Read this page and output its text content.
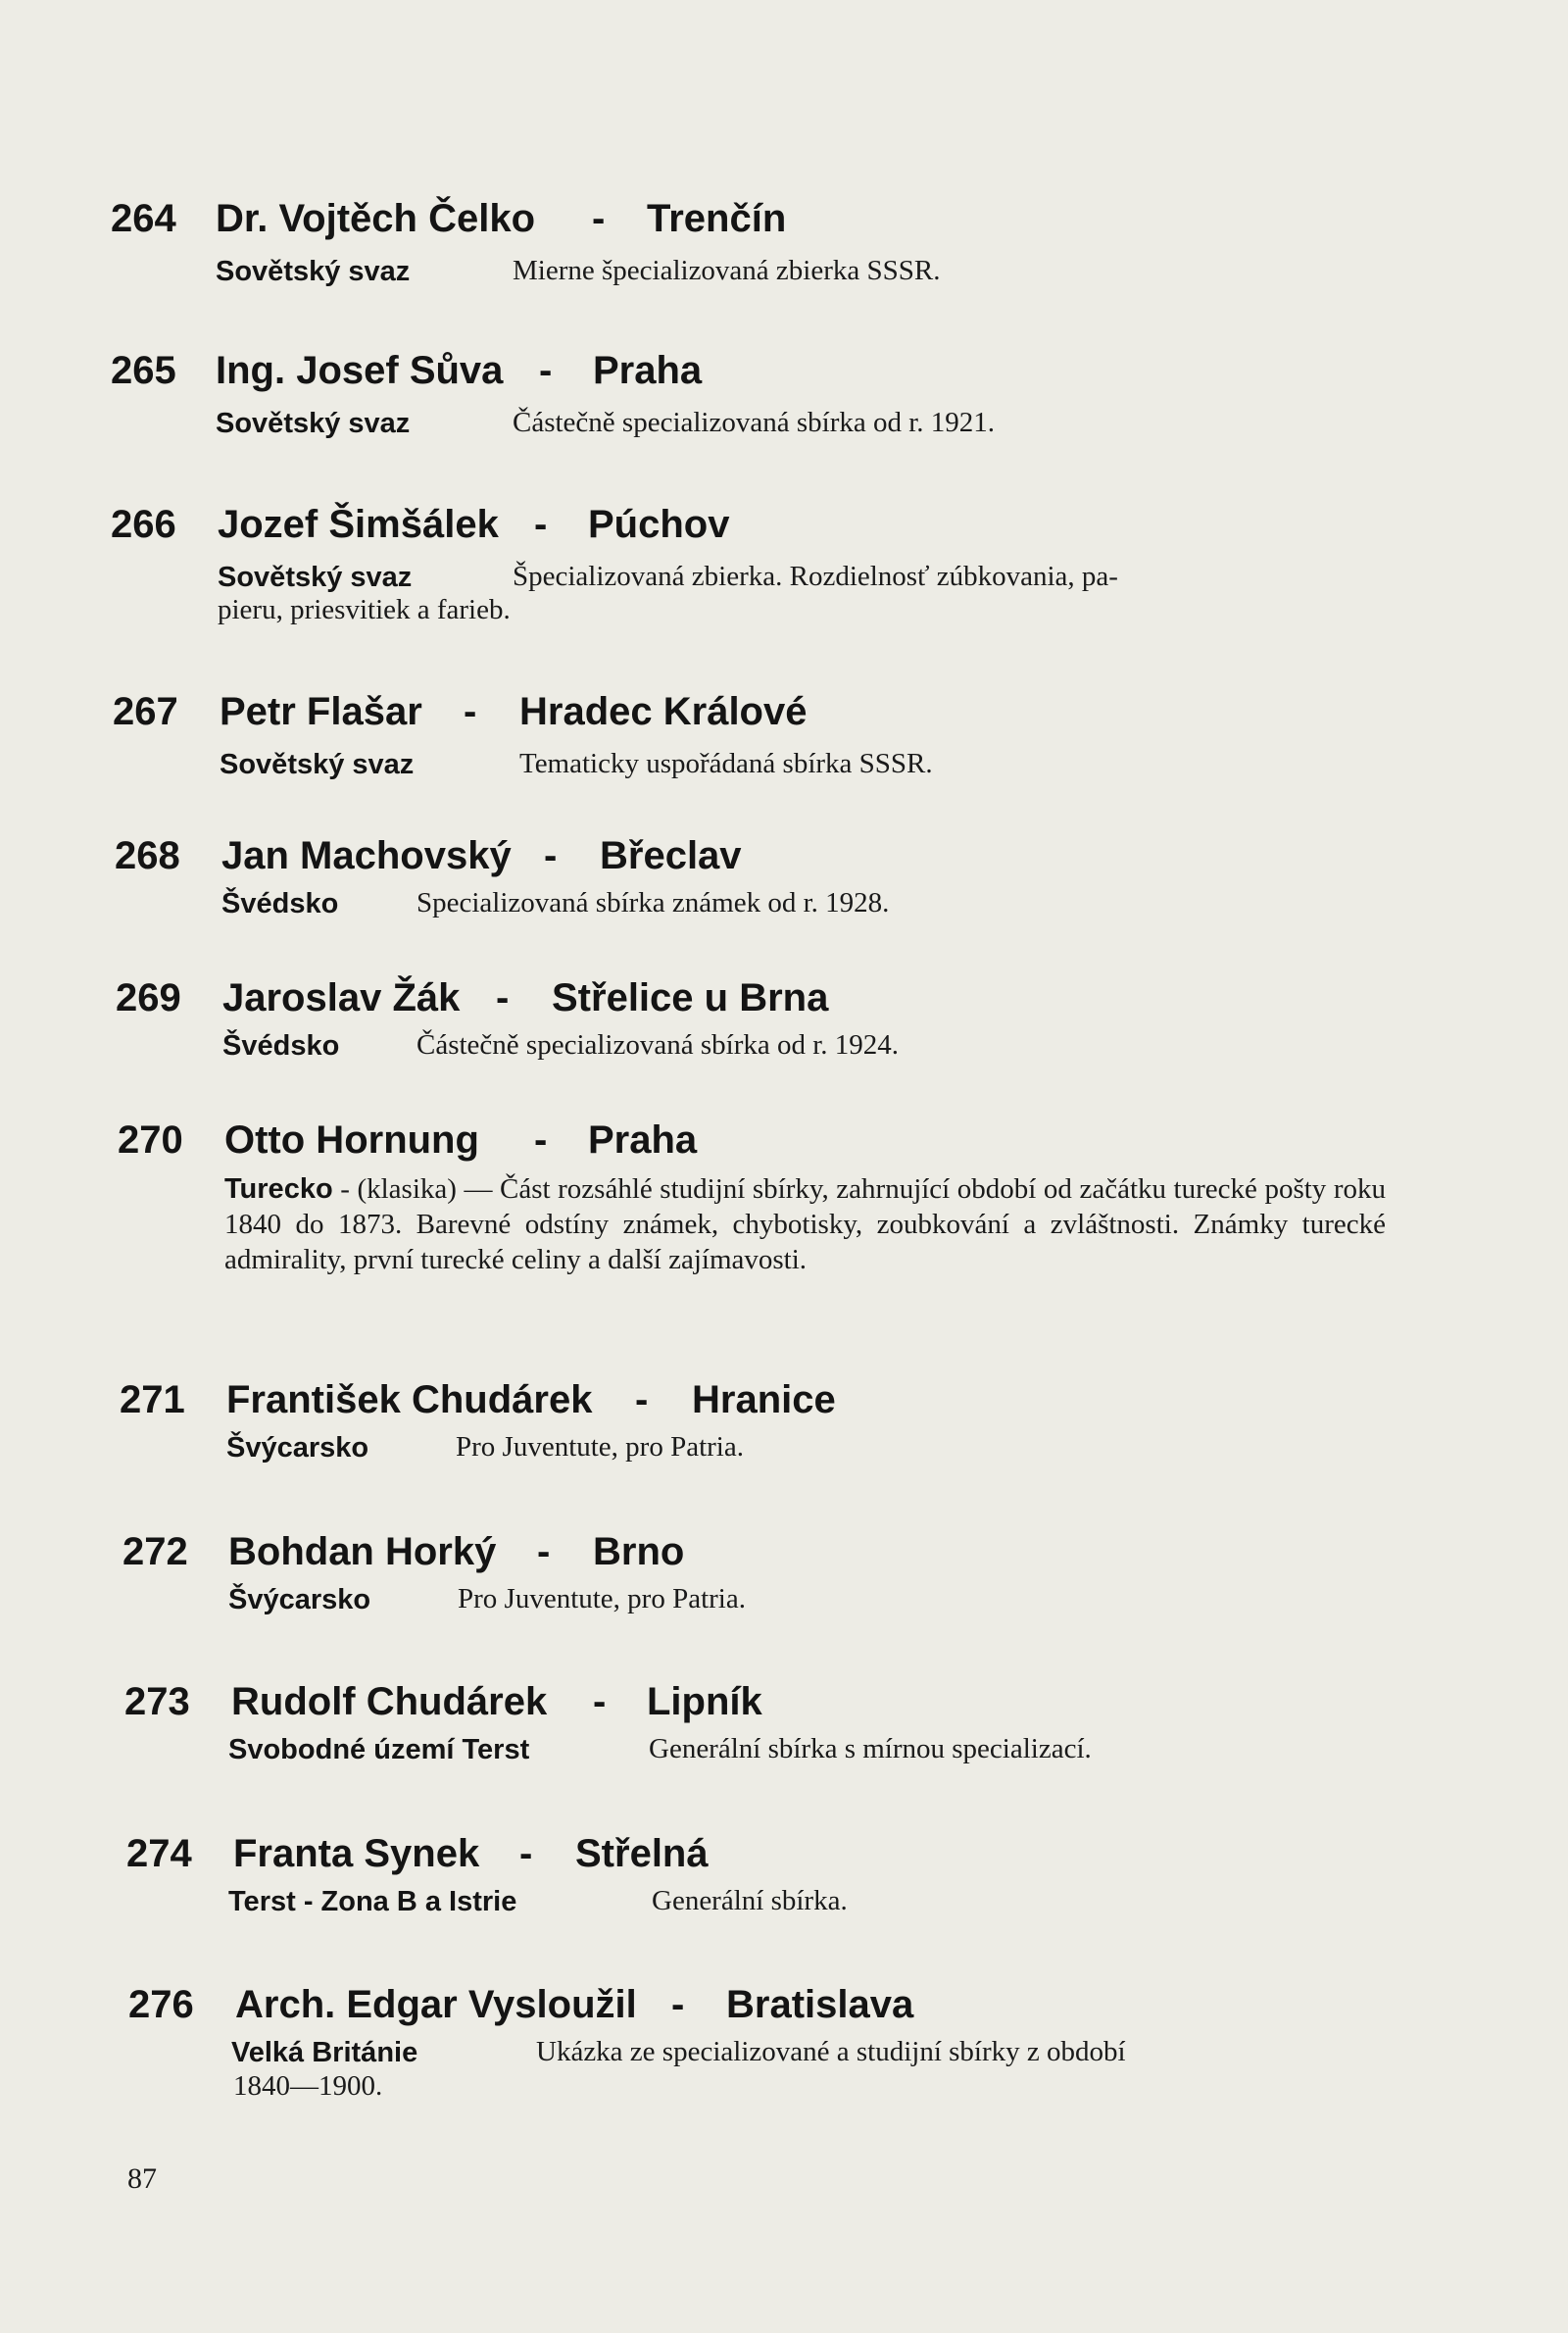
264 Dr. Vojtěch Čelko - Trenčín
Sovětský svaz	Mierne špecializovaná zbierka SSSR.
265 Ing. Josef Sůva - Praha
Sovětský svaz	Částečně specializovaná sbírka od r. 1921.
266 Jozef Šimšálek - Púchov
Sovětský svaz	Špecializovaná zbierka. Rozdielnosť zúbkovania, pa-
pieru, priesvitiek a farieb.
267 Petr Flašar - Hradec Králové
Sovětský svaz	Tematicky uspořádaná sbírka SSSR.
268 Jan Machovský - Břeclav
Švédsko	Specializovaná sbírka známek od r. 1928.
269 Jaroslav Žák - Střelice u Brna
Švédsko	Částečně specializovaná sbírka od r. 1924.
270 Otto Hornung - Praha
Turecko - (klasika) — Část rozsáhlé studijní sbírky, zahrnující období od začátku turecké pošty roku 1840 do 1873. Barevné odstíny známek, chybotisky, zoubkování a zvláštnosti. Známky turecké admirality, první turecké celiny a další zajímavosti.
271 František Chudárek - Hranice
Švýcarsko	Pro Juventute, pro Patria.
272 Bohdan Horký - Brno
Švýcarsko	Pro Juventute, pro Patria.
273 Rudolf Chudárek - Lipník
Svobodné území Terst	Generální sbírka s mírnou specializací.
274 Franta Synek - Střelná
Terst - Zona B a Istrie	Generální sbírka.
276 Arch. Edgar Vysloužil - Bratislava
Velká Británie	Ukázka ze specializované a studijní sbírky z období
1840—1900.
87
